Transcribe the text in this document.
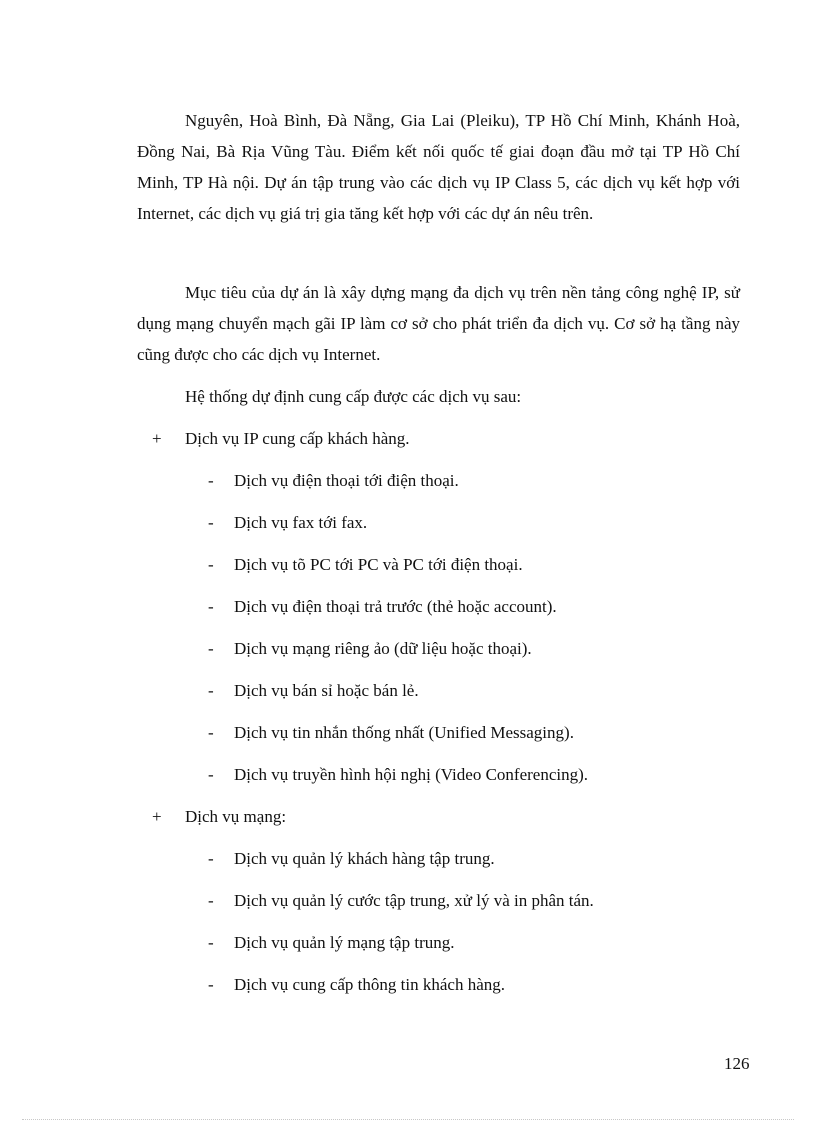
Nguyên, Hoà Bình, Đà Nẵng, Gia Lai (Pleiku), TP Hồ Chí Minh, Khánh Hoà, Đồng Nai, Bà Rịa Vũng Tàu. Điểm kết nối quốc tế giai đoạn đầu mở tại TP Hồ Chí Minh, TP Hà nội. Dự án tập trung vào các dịch vụ IP Class 5, các dịch vụ kết hợp với Internet, các dịch vụ giá trị gia tăng kết hợp với các dự án nêu trên.

Mục tiêu của dự án là xây dựng mạng đa dịch vụ trên nền tảng công nghệ IP, sử dụng mạng chuyển mạch gãi IP làm cơ sở cho phát triển đa dịch vụ. Cơ sở hạ tầng này cũng được cho các dịch vụ Internet.

Hệ thống dự định cung cấp được các dịch vụ sau:

+ Dịch vụ IP cung cấp khách hàng.
- Dịch vụ điện thoại tới điện thoại.
- Dịch vụ fax tới fax.
- Dịch vụ tõ PC tới PC và PC tới điện thoại.
- Dịch vụ điện thoại trả trước (thẻ hoặc account).
- Dịch vụ mạng riêng ảo (dữ liệu hoặc thoại).
- Dịch vụ bán sỉ hoặc bán lẻ.
- Dịch vụ tin nhắn thống nhất (Unified Messaging).
- Dịch vụ truyền hình hội nghị (Video Conferencing).
+ Dịch vụ mạng:
- Dịch vụ quản lý khách hàng tập trung.
- Dịch vụ quản lý cước tập trung, xử lý và in phân tán.
- Dịch vụ quản lý mạng tập trung.
- Dịch vụ cung cấp thông tin khách hàng.
126
